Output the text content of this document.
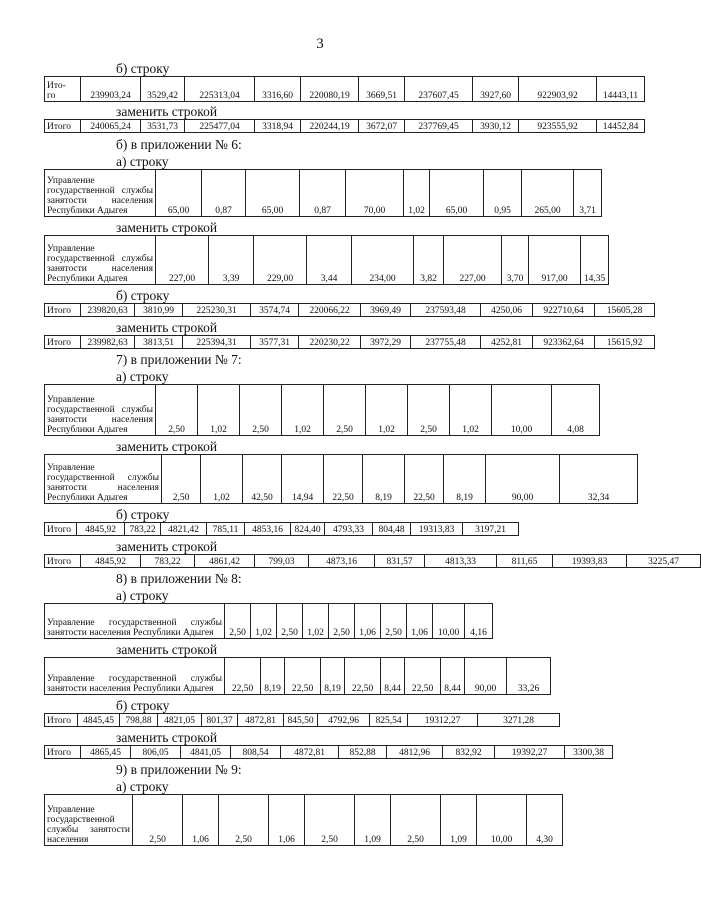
3
б) строку
Ито-
го	239903,24	3529,42	225313,04	3316,60	220080,19	3669,51	237607,45	3927,60	922903,92	14443,11
заменить строкой
Итого	240065,24	3531,73	225477,04	3318,94	220244,19	3672,07	237769,45	3930,12	923555,92	14452,84
б) в приложении № 6:
а) строку
Управление государственной службы занятости населения Республики Адыгея	65,00	0,87	65,00	0,87	70,00	1,02	65,00	0,95	265,00	3,71
заменить строкой
Управление государственной службы занятости населения Республики Адыгея	227,00	3,39	229,00	3,44	234,00	3,82	227,00	3,70	917,00	14,35
б) строку
Итого	239820,63	3810,99	225230,31	3574,74	220066,22	3969,49	237593,48	4250,06	922710,64	15605,28
заменить строкой
Итого	239982,63	3813,51	225394,31	3577,31	220230,22	3972,29	237755,48	4252,81	923362,64	15615,92
7) в приложении № 7:
а) строку
Управление государственной службы занятости населения Республики Адыгея	2,50	1,02	2,50	1,02	2,50	1,02	2,50	1,02	10,00	4,08
заменить строкой
Управление государственной службы занятости населения Республики Адыгея	2,50	1,02	42,50	14,94	22,50	8,19	22,50	8,19	90,00	32,34
б) строку
Итого	4845,92	783,22	4821,42	785,11	4853,16	824,40	4793,33	804,48	19313,83	3197,21
заменить строкой
Итого	4845,92	783,22	4861,42	799,03	4873,16	831,57	4813,33	811,65	19393,83	3225,47
8) в приложении № 8:
а) строку
Управление государственной службы занятости населения Республики Адыгея	2,50	1,02	2,50	1,02	2,50	1,06	2,50	1,06	10,00	4,16
заменить строкой
Управление государственной службы занятости населения Республики Адыгея	22,50	8,19	22,50	8,19	22,50	8,44	22,50	8,44	90,00	33,26
б) строку
Итого	4845,45	798,88	4821,05	801,37	4872,81	845,50	4792,96	825,54	19312,27	3271,28
заменить строкой
Итого	4865,45	806,05	4841,05	808,54	4872,81	852,88	4812,96	832,92	19392,27	3300,38
9) в приложении № 9:
а) строку
Управление государственной службы занятости населения	2,50	1,06	2,50	1,06	2,50	1,09	2,50	1,09	10,00	4,30
